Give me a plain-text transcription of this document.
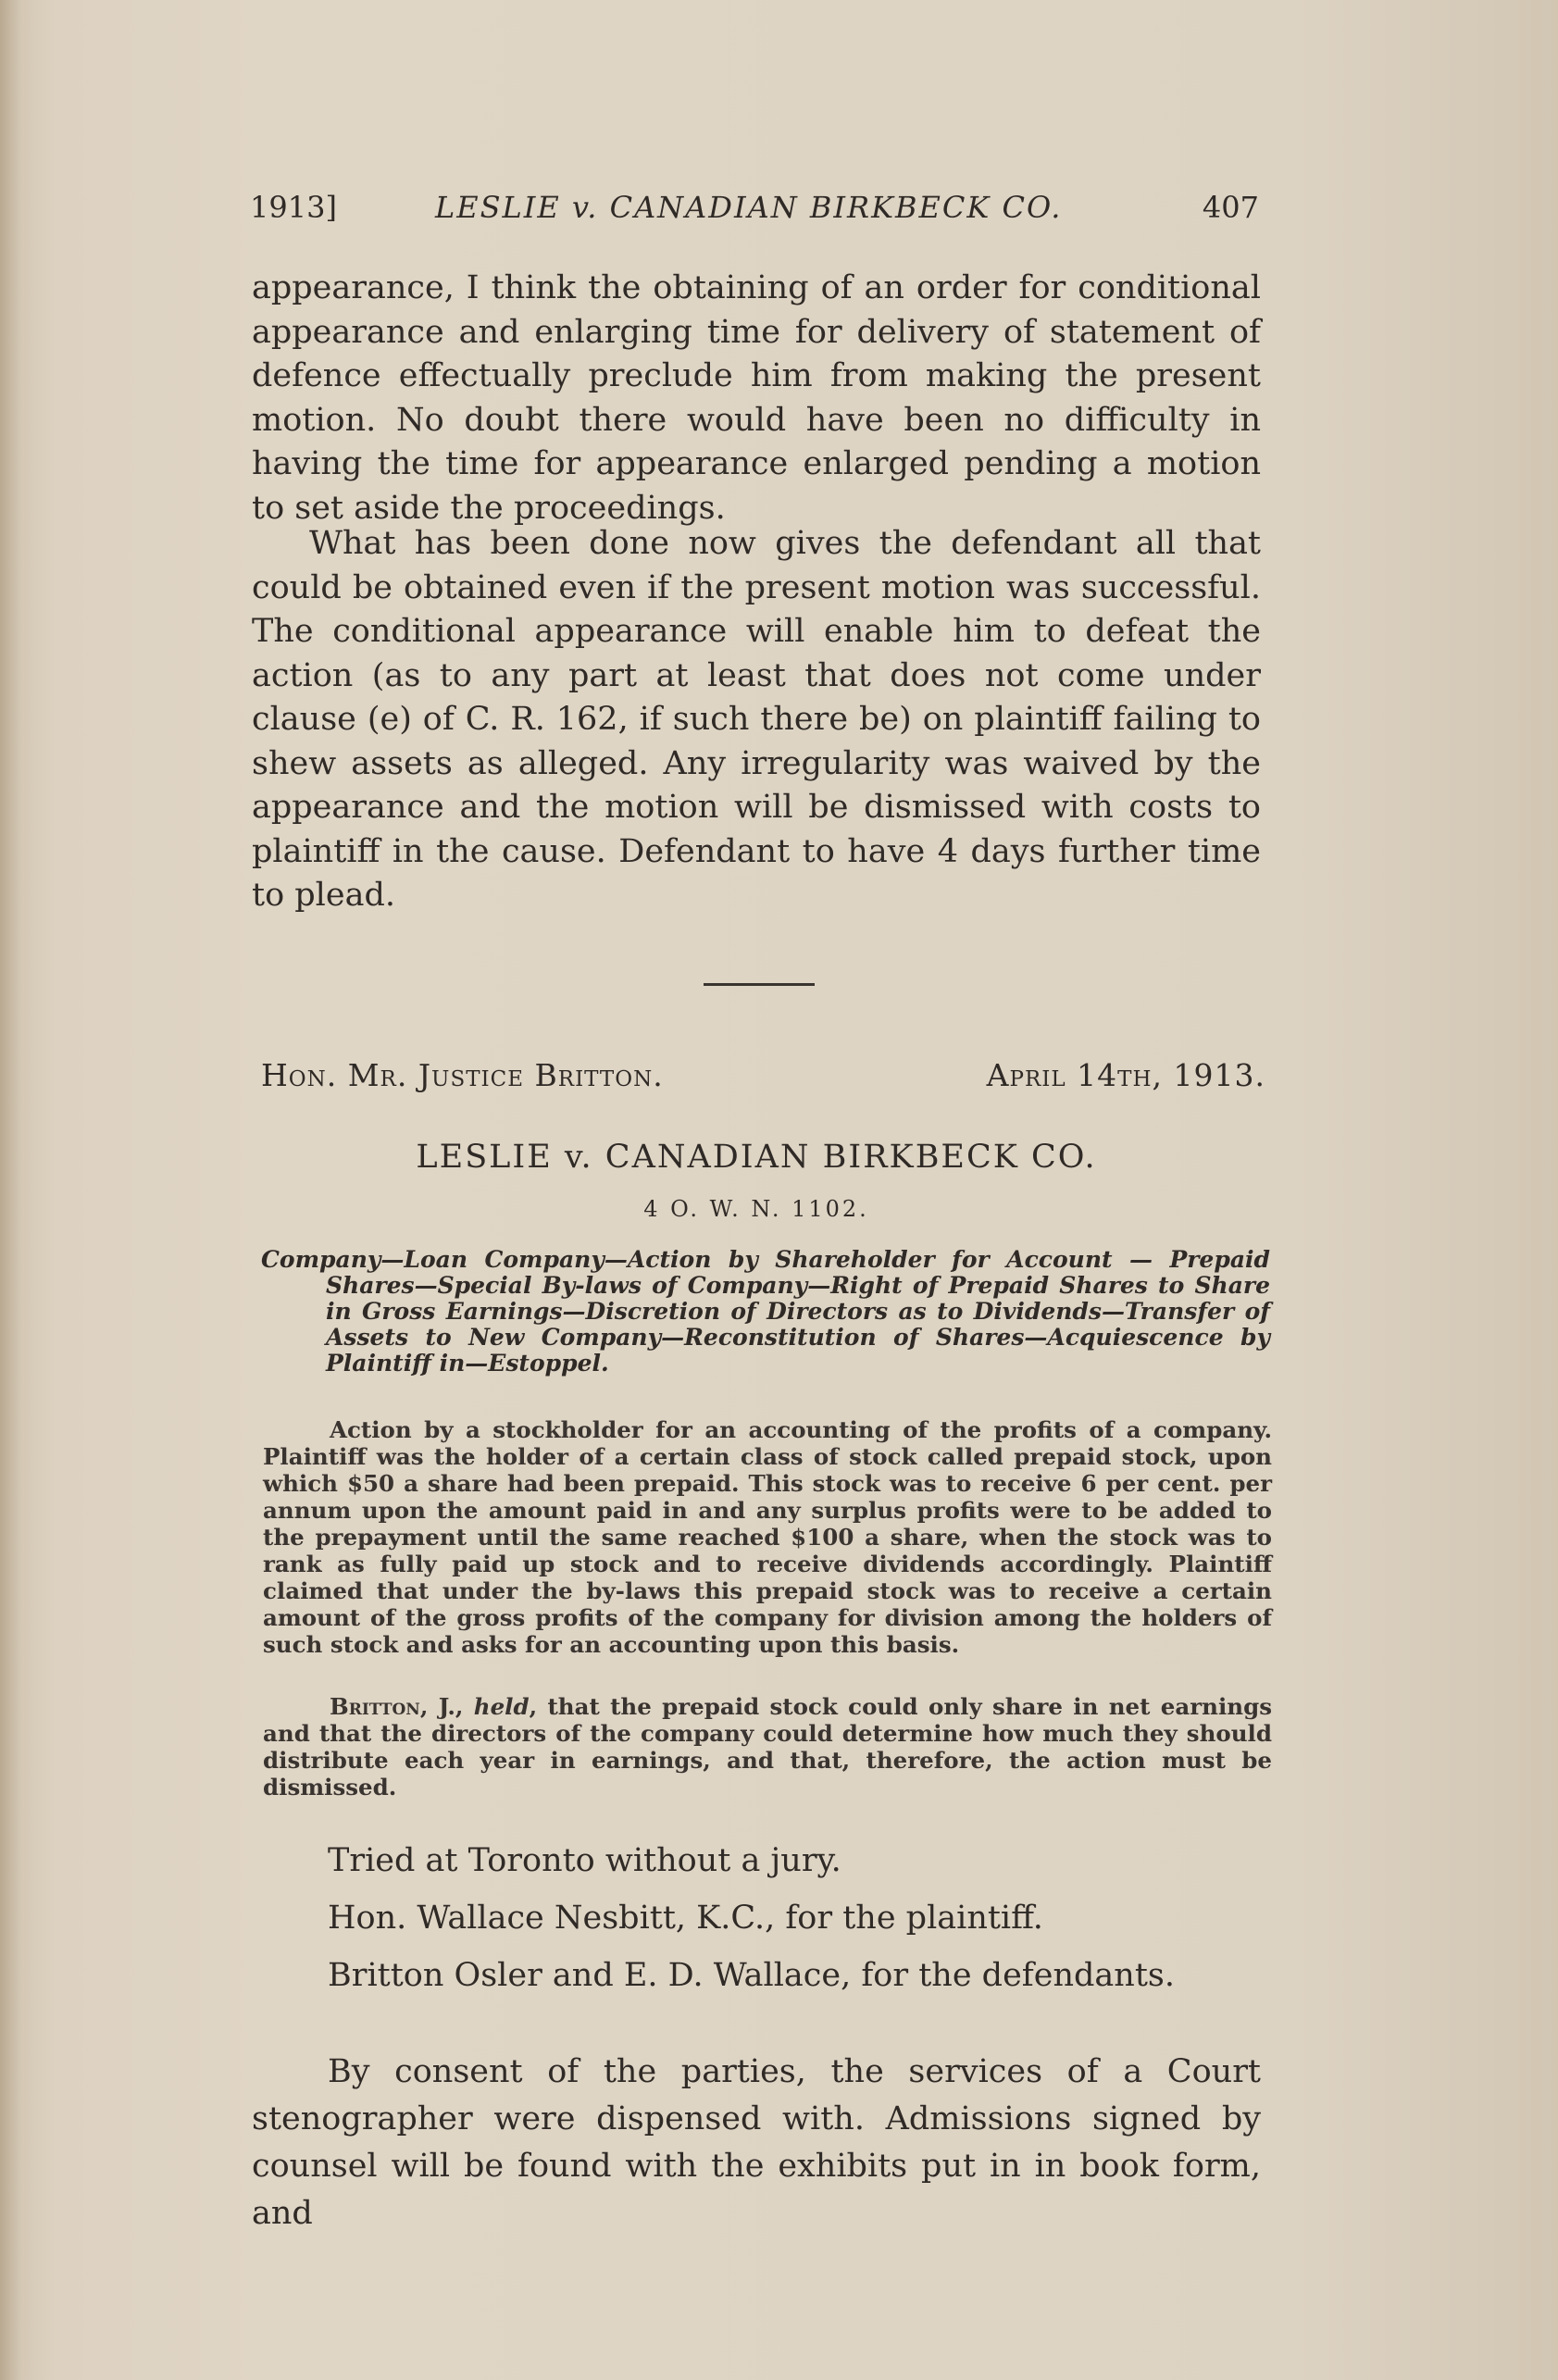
1913]	LESLIE v. CANADIAN BIRKBECK CO.	407
appearance, I think the obtaining of an order for conditional appearance and enlarging time for delivery of statement of defence effectually preclude him from making the present motion. No doubt there would have been no difficulty in having the time for appearance enlarged pending a motion to set aside the proceedings.
What has been done now gives the defendant all that could be obtained even if the present motion was successful. The conditional appearance will enable him to defeat the action (as to any part at least that does not come under clause (e) of C. R. 162, if such there be) on plaintiff failing to shew assets as alleged. Any irregularity was waived by the appearance and the motion will be dismissed with costs to plaintiff in the cause. Defendant to have 4 days further time to plead.
Hon. Mr. Justice Britton.	April 14th, 1913.
LESLIE v. CANADIAN BIRKBECK CO.
4 O. W. N. 1102.
Company—Loan Company—Action by Shareholder for Account — Prepaid Shares—Special By-laws of Company—Right of Prepaid Shares to Share in Gross Earnings—Discretion of Directors as to Dividends—Transfer of Assets to New Company—Reconstitution of Shares—Acquiescence by Plaintiff in—Estoppel.
Action by a stockholder for an accounting of the profits of a company. Plaintiff was the holder of a certain class of stock called prepaid stock, upon which $50 a share had been prepaid. This stock was to receive 6 per cent. per annum upon the amount paid in and any surplus profits were to be added to the prepayment until the same reached $100 a share, when the stock was to rank as fully paid up stock and to receive dividends accordingly. Plaintiff claimed that under the by-laws this prepaid stock was to receive a certain amount of the gross profits of the company for division among the holders of such stock and asks for an accounting upon this basis.
Britton, J., held, that the prepaid stock could only share in net earnings and that the directors of the company could determine how much they should distribute each year in earnings, and that, therefore, the action must be dismissed.
Tried at Toronto without a jury.
Hon. Wallace Nesbitt, K.C., for the plaintiff.
Britton Osler and E. D. Wallace, for the defendants.
By consent of the parties, the services of a Court stenographer were dispensed with. Admissions signed by counsel will be found with the exhibits put in in book form, and
